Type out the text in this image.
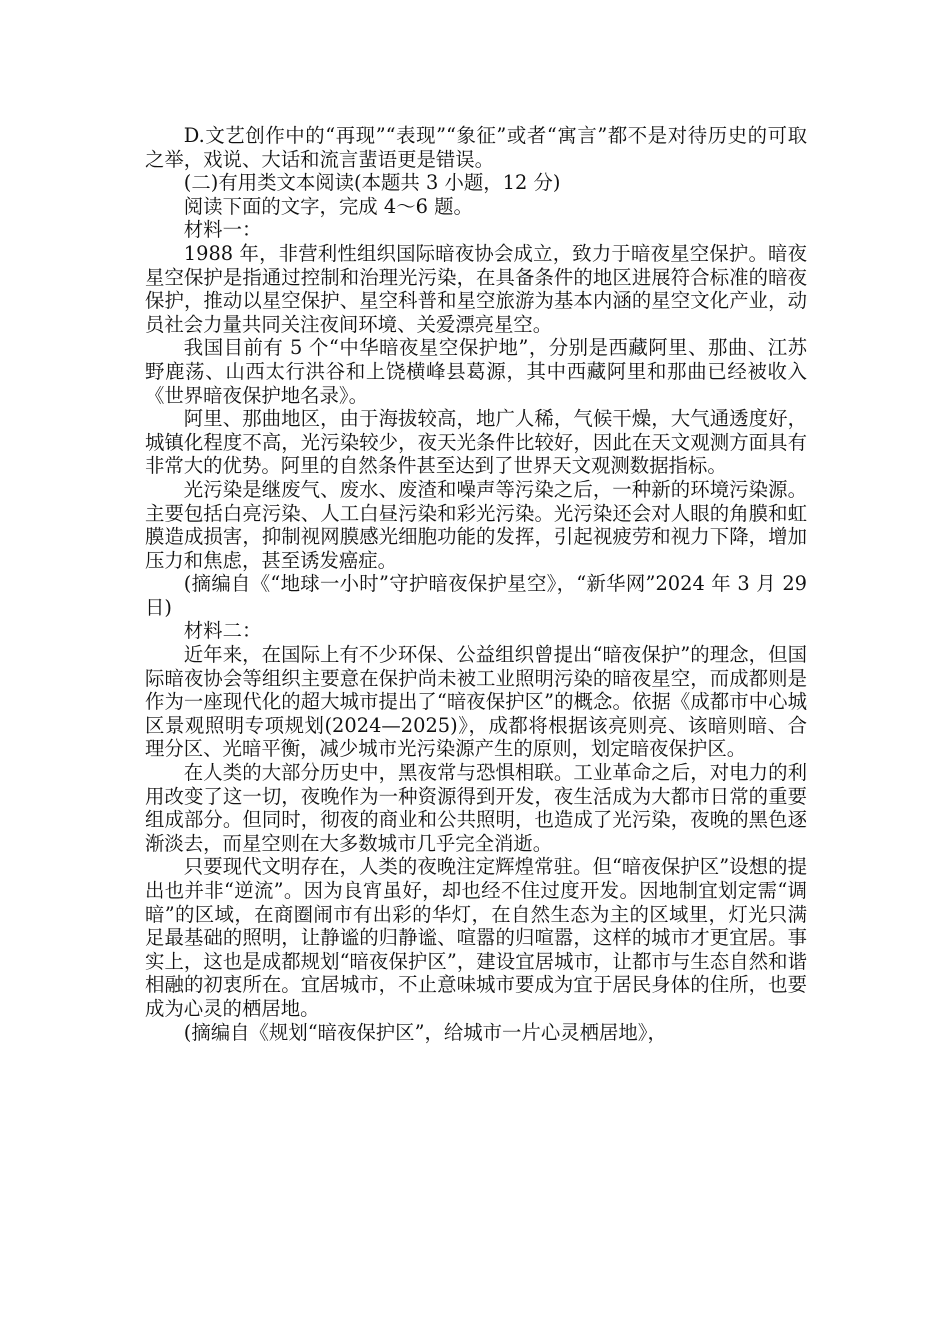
D.文艺创作中的“再现”“表现”“象征”或者“寓言”都不是对待历史的可取之举，戏说、大话和流言蜚语更是错误。

(二)有用类文本阅读(本题共 3 小题，12 分)

阅读下面的文字，完成 4～6 题。

材料一：

1988 年，非营利性组织国际暗夜协会成立，致力于暗夜星空保护。暗夜星空保护是指通过控制和治理光污染，在具备条件的地区进展符合标准的暗夜保护，推动以星空保护、星空科普和星空旅游为基本内涵的星空文化产业，动员社会力量共同关注夜间环境、关爱漂亮星空。

我国目前有 5 个“中华暗夜星空保护地”，分别是西藏阿里、那曲、江苏野鹿荡、山西太行洪谷和上饶横峰县葛源，其中西藏阿里和那曲已经被收入《世界暗夜保护地名录》。

阿里、那曲地区，由于海拔较高，地广人稀，气候干燥，大气通透度好，城镇化程度不高，光污染较少，夜天光条件比较好，因此在天文观测方面具有非常大的优势。阿里的自然条件甚至达到了世界天文观测数据指标。

光污染是继废气、废水、废渣和噪声等污染之后，一种新的环境污染源。主要包括白亮污染、人工白昼污染和彩光污染。光污染还会对人眼的角膜和虹膜造成损害，抑制视网膜感光细胞功能的发挥，引起视疲劳和视力下降，增加压力和焦虑，甚至诱发癌症。

(摘编自《“地球一小时”守护暗夜保护星空》，“新华网”2024 年 3 月 29 日)

材料二：

近年来，在国际上有不少环保、公益组织曾提出“暗夜保护”的理念，但国际暗夜协会等组织主要意在保护尚未被工业照明污染的暗夜星空，而成都则是作为一座现代化的超大城市提出了“暗夜保护区”的概念。依据《成都市中心城区景观照明专项规划(2024—2025)》，成都将根据该亮则亮、该暗则暗、合理分区、光暗平衡，减少城市光污染源产生的原则，划定暗夜保护区。

在人类的大部分历史中，黑夜常与恐惧相联。工业革命之后，对电力的利用改变了这一切，夜晚作为一种资源得到开发，夜生活成为大都市日常的重要组成部分。但同时，彻夜的商业和公共照明，也造成了光污染，夜晚的黑色逐渐淡去，而星空则在大多数城市几乎完全消逝。

只要现代文明存在，人类的夜晚注定辉煌常驻。但“暗夜保护区”设想的提出也并非“逆流”。因为良宵虽好，却也经不住过度开发。因地制宜划定需“调暗”的区域，在商圈闹市有出彩的华灯，在自然生态为主的区域里，灯光只满足最基础的照明，让静谧的归静谧、喧嚣的归喧嚣，这样的城市才更宜居。事实上，这也是成都规划“暗夜保护区”，建设宜居城市，让都市与生态自然和谐相融的初衷所在。宜居城市，不止意味城市要成为宜于居民身体的住所，也要成为心灵的栖居地。

(摘编自《规划“暗夜保护区”，给城市一片心灵栖居地》，
